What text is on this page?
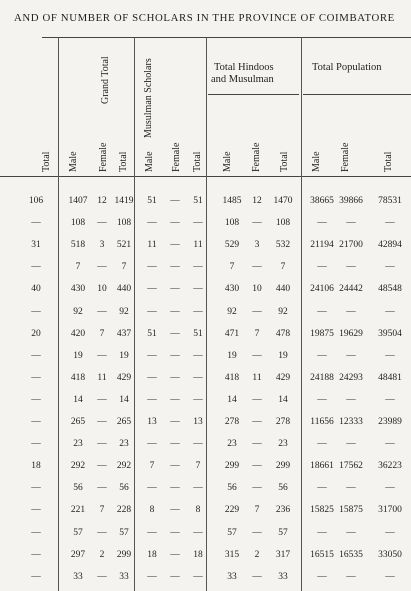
AND OF NUMBER OF SCHOLARS IN THE PROVINCE OF COIMBATORE
Total
Grand Total
Male Female Total
Musulman Scholars
Male Female Total
Total Hindoos
and Musulman
Male Female Total
Total Population
Male Female	Total
106	1407	12 1419	51	—	51	1485	12	1470	38665 39866	78531
—	108	—	108	—	—	—	108	—	108	—	—	—
31	518	3	521	11	—	11	529	3	532	21194 21700	42894
—	7	—	7	—	—	—	7	—	7	—	—	—
40	430	10	440	—	—	—	430	10	440	24106 24442	48548
—	92	—	92	—	—	—	92	—	92	—	—	—
20	420	7	437	51	—	51	471	7	478	19875 19629	39504
—	19	—	19	—	—	—	19	—	19	—	—	—
—	418	11	429	—	—	—	418	11	429	24188 24293	48481
—	14	—	14	—	—	—	14	—	14	—	—	—
—	265	—	265	13	—	13	278	—	278	11656 12333	23989
—	23	—	23	—	—	—	23	—	23	—	—	—
18	292	—	292	7	—	7	299	—	299	18661 17562	36223
—	56	—	56	—	—	—	56	—	56	—	—	—
—	221	7	228	8	—	8	229	7	236	15825 15875	31700
—	57	—	57	—	—	—	57	—	57	—	—	—
—	297	2	299	18	—	18	315	2	317	16515 16535	33050
—	33	—	33	—	—	—	33	—	33	—	—	—
